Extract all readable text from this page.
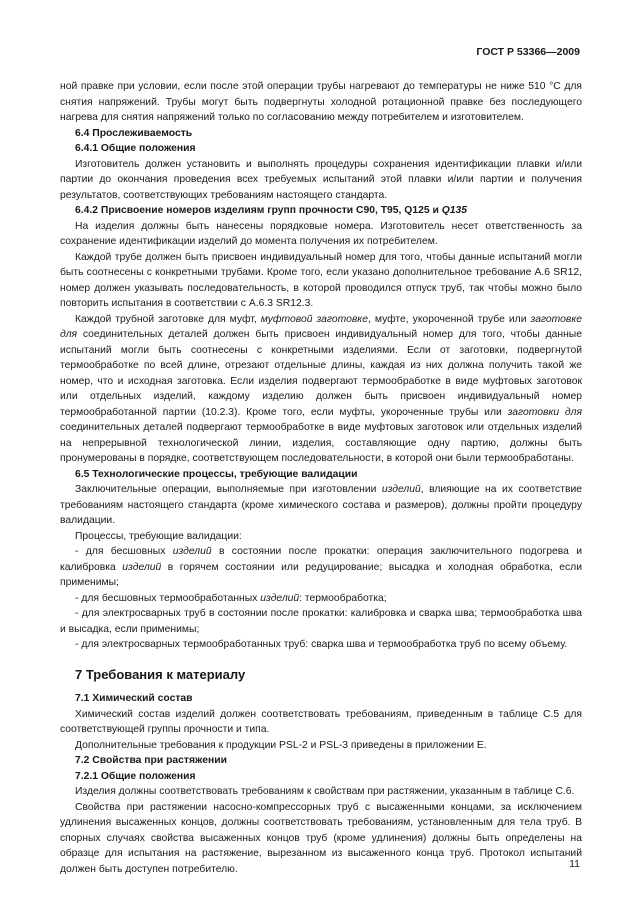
ГОСТ Р 53366—2009

ной правке при условии, если после этой операции трубы нагревают до температуры не ниже 510 °С для снятия напряжений. Трубы могут быть подвергнуты холодной ротационной правке без последующего нагрева для снятия напряжений только по согласованию между потребителем и изготовителем.

6.4 Прослеживаемость

6.4.1 Общие положения

Изготовитель должен установить и выполнять процедуры сохранения идентификации плавки и/или партии до окончания проведения всех требуемых испытаний этой плавки и/или партии и получения результатов, соответствующих требованиям настоящего стандарта.

6.4.2 Присвоение номеров изделиям групп прочности С90, Т95, Q125 и Q135

На изделия должны быть нанесены порядковые номера. Изготовитель несет ответственность за сохранение идентификации изделий до момента получения их потребителем.

Каждой трубе должен быть присвоен индивидуальный номер для того, чтобы данные испытаний могли быть соотнесены с конкретными трубами. Кроме того, если указано дополнительное требование А.6 SR12, номер должен указывать последовательность, в которой проводился отпуск труб, так чтобы можно было повторить испытания в соответствии с А.6.3 SR12.3.

Каждой трубной заготовке для муфт, муфтовой заготовке, муфте, укороченной трубе или заготовке для соединительных деталей должен быть присвоен индивидуальный номер для того, чтобы данные испытаний могли быть соотнесены с конкретными изделиями. Если от заготовки, подвергнутой термообработке по всей длине, отрезают отдельные длины, каждая из них должна получить такой же номер, что и исходная заготовка. Если изделия подвергают термообработке в виде муфтовых заготовок или отдельных изделий, каждому изделию должен быть присвоен индивидуальный номер термообработанной партии (10.2.3). Кроме того, если муфты, укороченные трубы или заготовки для соединительных деталей подвергают термообработке в виде муфтовых заготовок или отдельных изделий на непрерывной технологической линии, изделия, составляющие одну партию, должны быть пронумерованы в порядке, соответствующем последовательности, в которой они были термообработаны.

6.5 Технологические процессы, требующие валидации

Заключительные операции, выполняемые при изготовлении изделий, влияющие на их соответствие требованиям настоящего стандарта (кроме химического состава и размеров), должны пройти процедуру валидации.

Процессы, требующие валидации:

- для бесшовных изделий в состоянии после прокатки: операция заключительного подогрева и калибровка изделий в горячем состоянии или редуцирование; высадка и холодная обработка, если применимы;

- для бесшовных термообработанных изделий: термообработка;

- для электросварных труб в состоянии после прокатки: калибровка и сварка шва; термообработка шва и высадка, если применимы;

- для электросварных термообработанных труб: сварка шва и термообработка труб по всему объему.

7 Требования к материалу

7.1 Химический состав

Химический состав изделий должен соответствовать требованиям, приведенным в таблице С.5 для соответствующей группы прочности и типа.

Дополнительные требования к продукции PSL-2 и PSL-3 приведены в приложении Е.

7.2 Свойства при растяжении

7.2.1 Общие положения

Изделия должны соответствовать требованиям к свойствам при растяжении, указанным в таблице С.6.

Свойства при растяжении насосно-компрессорных труб с высаженными концами, за исключением удлинения высаженных концов, должны соответствовать требованиям, установленным для тела труб. В спорных случаях свойства высаженных концов труб (кроме удлинения) должны быть определены на образце для испытания на растяжение, вырезанном из высаженного конца труб. Протокол испытаний должен быть доступен потребителю.	11
